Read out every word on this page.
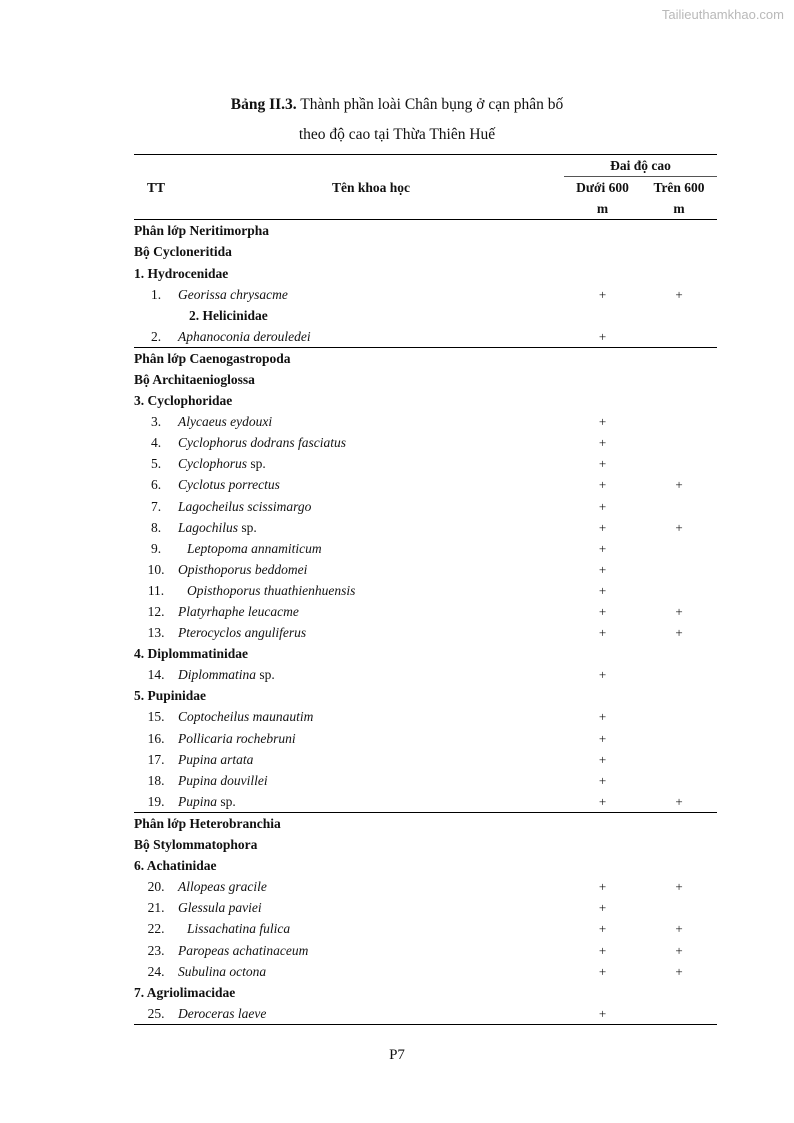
Tailieuthamkhao.com
Bảng II.3. Thành phần loài Chân bụng ở cạn phân bố
theo độ cao tại Thừa Thiên Huế
		Đai độ cao	
TT	Tên khoa học	Dưới 600	Trên 600
		m	m
Phân lớp Neritimorpha			
Bộ Cycloneritida			
1. Hydrocenidae			
1.	Georissa chrysacme	+	+
2. Helicinidae			
2.	Aphanoconia derouledei	+	
Phân lớp Caenogastropoda			
Bộ Architaenioglossa			
3. Cyclophoridae			
3.	Alycaeus eydouxi	+	
4.	Cyclophorus dodrans fasciatus	+	
5.	Cyclophorus sp.	+	
6.	Cyclotus porrectus	+	+
7.	Lagocheilus scissimargo	+	
8.	Lagochilus sp.	+	+
9.	Leptopoma annamiticum	+	
10.	Opisthoporus beddomei	+	
11.	Opisthoporus thuathienhuensis	+	
12.	Platyrhaphe leucacme	+	+
13.	Pterocyclos anguliferus	+	+
4. Diplommatinidae			
14.	Diplommatina sp.	+	
5. Pupinidae			
15.	Coptocheilus maunautim	+	
16.	Pollicaria rochebruni	+	
17.	Pupina artata	+	
18.	Pupina douvillei	+	
19.	Pupina sp.	+	+
Phân lớp Heterobranchia			
Bộ Stylommatophora			
6. Achatinidae			
20.	Allopeas gracile	+	+
21.	Glessula paviei	+	
22.	Lissachatina fulica	+	+
23.	Paropeas achatinaceum	+	+
24.	Subulina octona	+	+
7. Agriolimacidae			
25.	Deroceras laeve	+	
P7
